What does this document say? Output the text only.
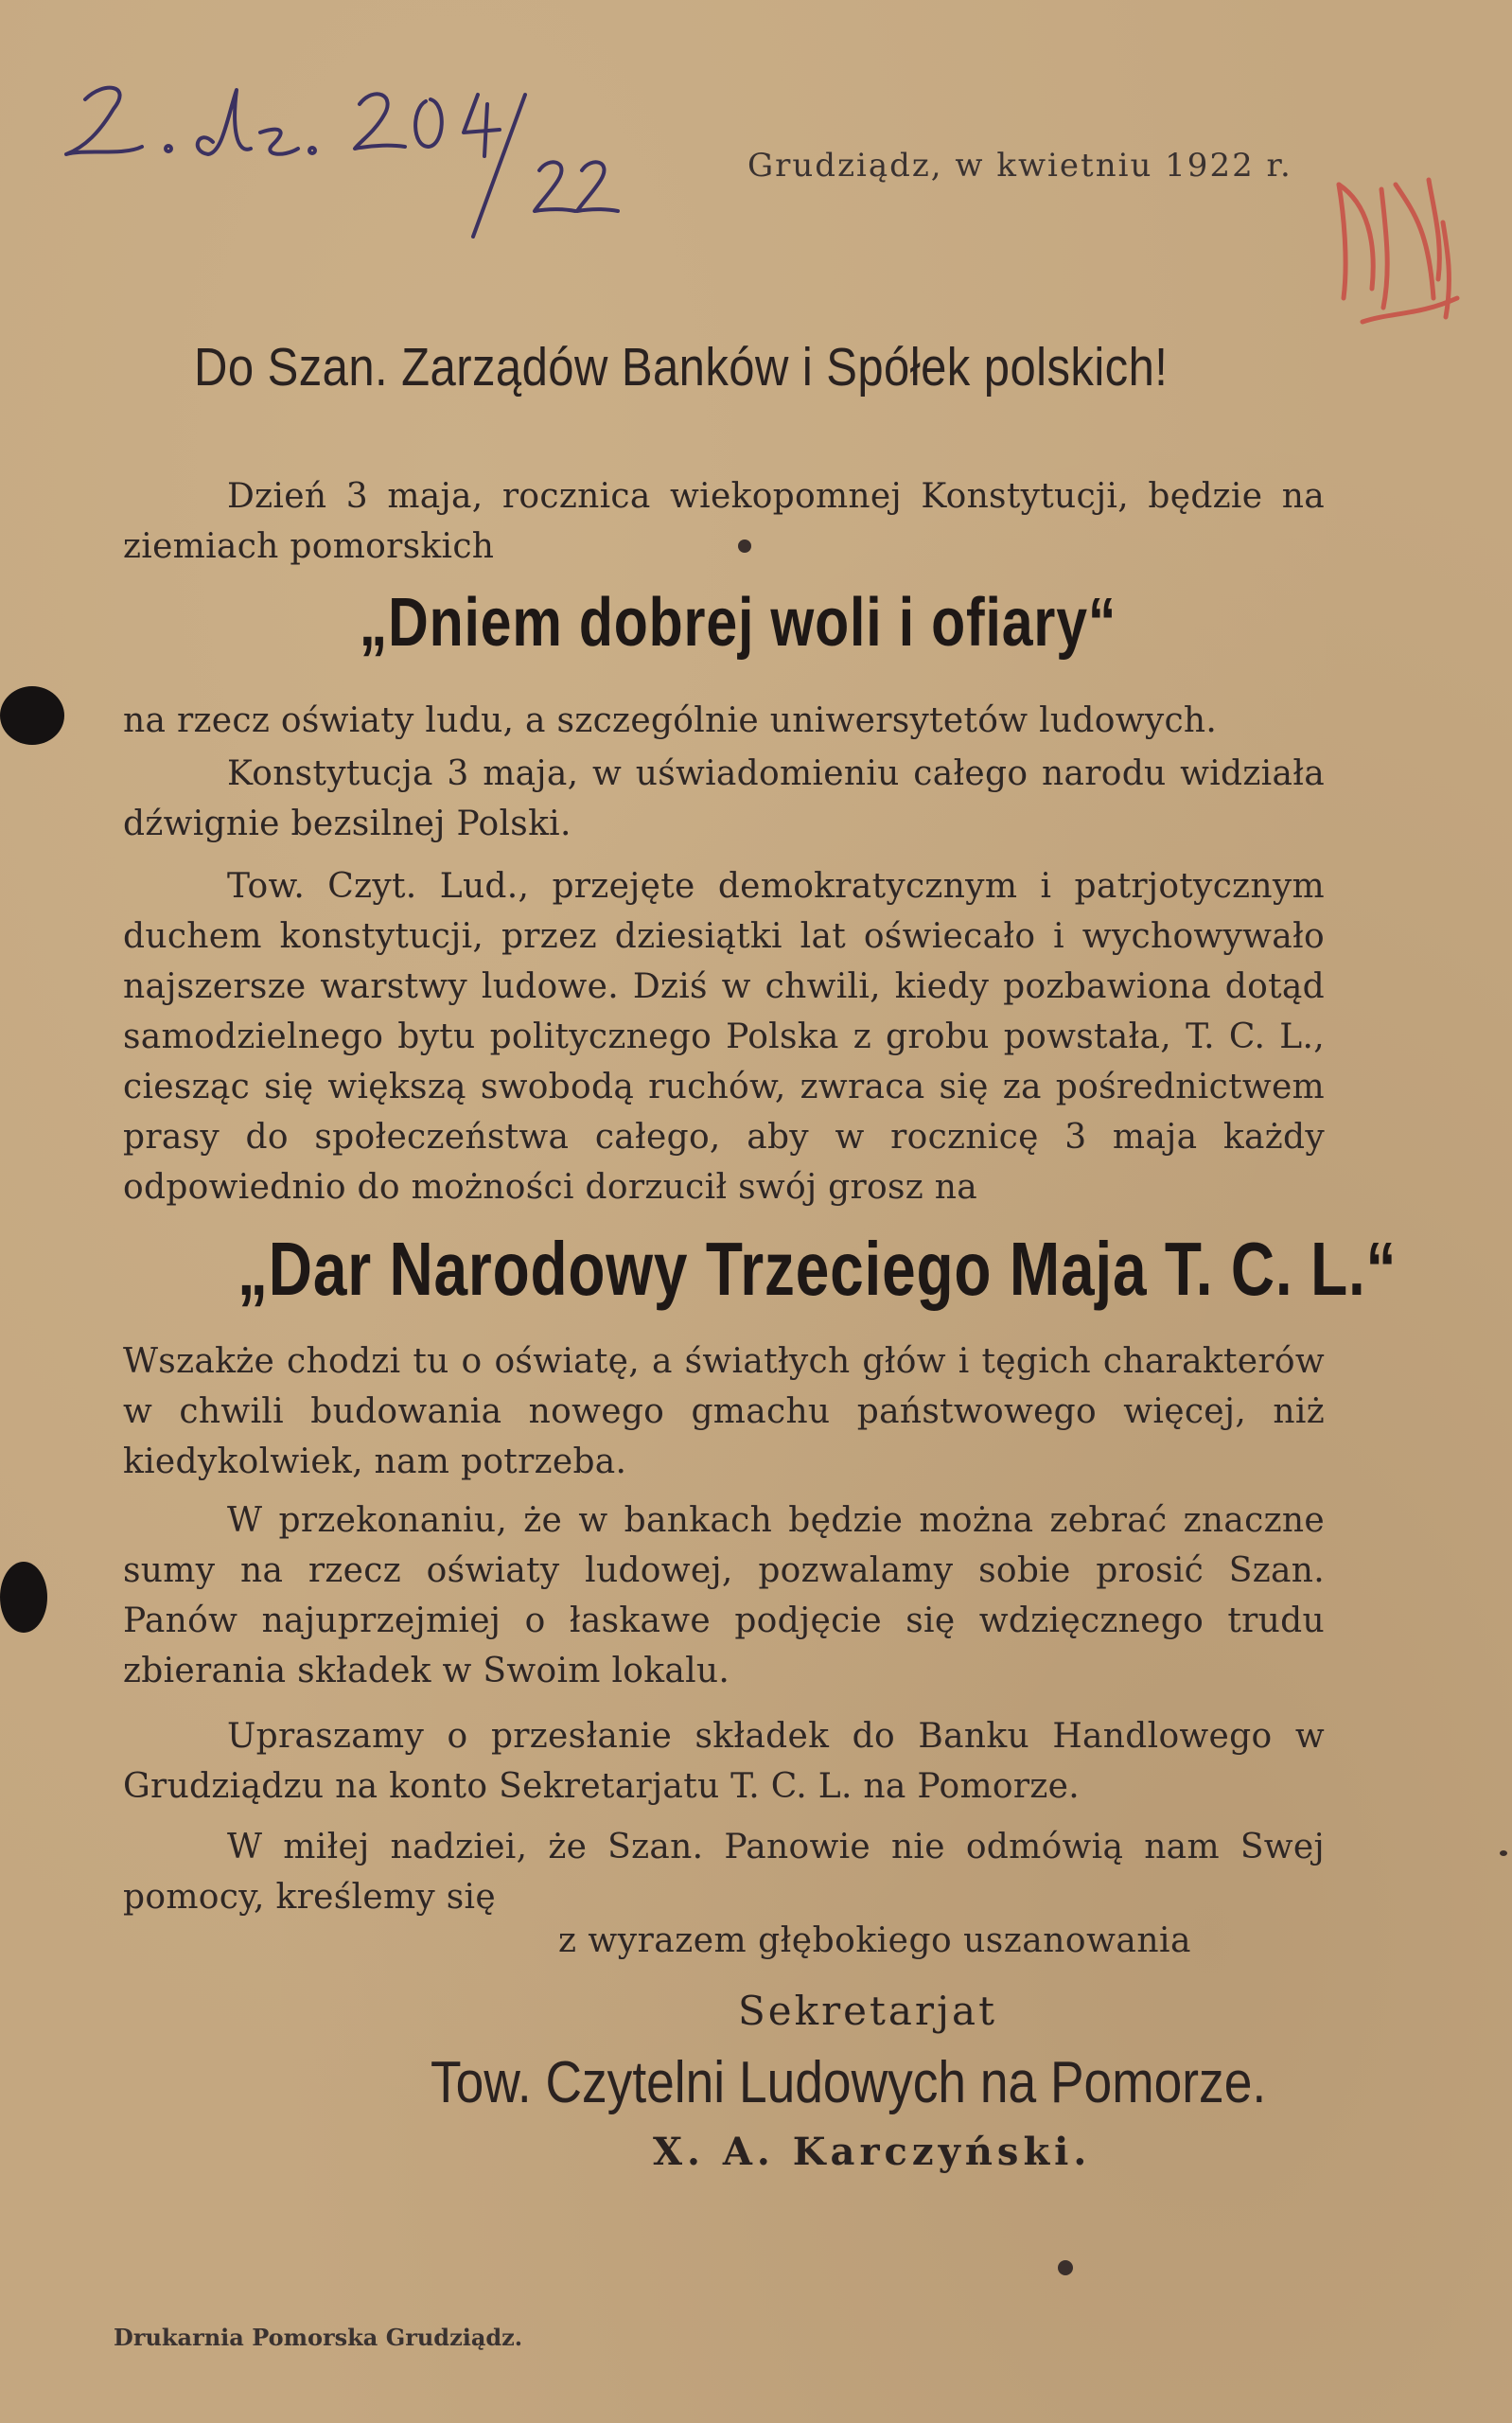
Grudziądz, w kwietniu 1922 r.
Do Szan. Zarządów Banków i Spółek polskich!
Dzień 3 maja, rocznica wiekopomnej Konstytucji, będzie na ziemiach pomorskich
„Dniem dobrej woli i ofiary“
na rzecz oświaty ludu, a szczególnie uniwersytetów ludowych.
Konstytucja 3 maja, w uświadomieniu całego narodu widziała dźwignie bezsilnej Polski.
Tow. Czyt. Lud., przejęte demokratycznym i patrjotycznym duchem konstytucji, przez dziesiątki lat oświecało i wychowywało najszersze warstwy ludowe. Dziś w chwili, kiedy pozbawiona dotąd samodzielnego bytu politycznego Polska z grobu powstała, T. C. L., ciesząc się większą swobodą ruchów, zwraca się za pośrednictwem prasy do społeczeństwa całego, aby w rocznicę 3 maja każdy odpowiednio do możności dorzucił swój grosz na
„Dar Narodowy Trzeciego Maja T. C. L.“
Wszakże chodzi tu o oświatę, a światłych głów i tęgich charakterów w chwili budowania nowego gmachu państwowego więcej, niż kiedykolwiek, nam potrzeba.
W przekonaniu, że w bankach będzie można zebrać znaczne sumy na rzecz oświaty ludowej, pozwalamy sobie prosić Szan. Panów najuprzejmiej o łaskawe podjęcie się wdzięcznego trudu zbierania składek w Swoim lokalu.
Upraszamy o przesłanie składek do Banku Handlowego w Grudziądzu na konto Sekretarjatu T. C. L. na Pomorze.
W miłej nadziei, że Szan. Panowie nie odmówią nam Swej pomocy, kreślemy się
z wyrazem głębokiego uszanowania
Sekretarjat
Tow. Czytelni Ludowych na Pomorze.
X. A. Karczyński.
Drukarnia Pomorska Grudziądz.
